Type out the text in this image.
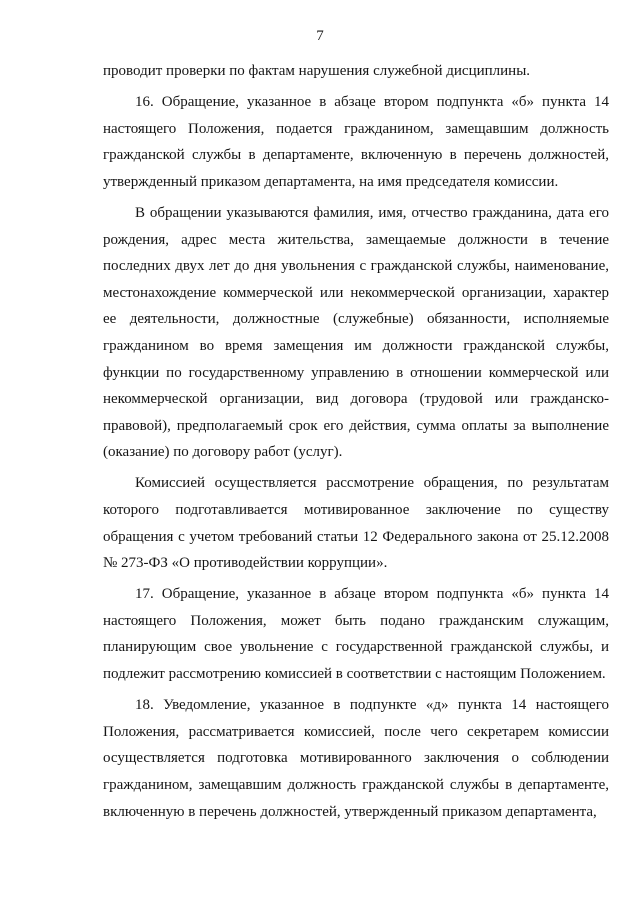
7

проводит проверки по фактам нарушения служебной дисциплины.

16. Обращение, указанное в абзаце втором подпункта «б» пункта 14 настоящего Положения, подается гражданином, замещавшим должность гражданской службы в департаменте, включенную в перечень должностей, утвержденный приказом департамента, на имя председателя комиссии.

В обращении указываются фамилия, имя, отчество гражданина, дата его рождения, адрес места жительства, замещаемые должности в течение последних двух лет до дня увольнения с гражданской службы, наименование, местонахождение коммерческой или некоммерческой организации, характер ее деятельности, должностные (служебные) обязанности, исполняемые гражданином во время замещения им должности гражданской службы, функции по государственному управлению в отношении коммерческой или некоммерческой организации, вид договора (трудовой или гражданско-правовой), предполагаемый срок его действия, сумма оплаты за выполнение (оказание) по договору работ (услуг).

Комиссией осуществляется рассмотрение обращения, по результатам которого подготавливается мотивированное заключение по существу обращения с учетом требований статьи 12 Федерального закона от 25.12.2008 № 273-ФЗ «О противодействии коррупции».

17. Обращение, указанное в абзаце втором подпункта «б» пункта 14 настоящего Положения, может быть подано гражданским служащим, планирующим свое увольнение с государственной гражданской службы, и подлежит рассмотрению комиссией в соответствии с настоящим Положением.

18. Уведомление, указанное в подпункте «д» пункта 14 настоящего Положения, рассматривается комиссией, после чего секретарем комиссии осуществляется подготовка мотивированного заключения о соблюдении гражданином, замещавшим должность гражданской службы в департаменте, включенную в перечень должностей, утвержденный приказом департамента,
